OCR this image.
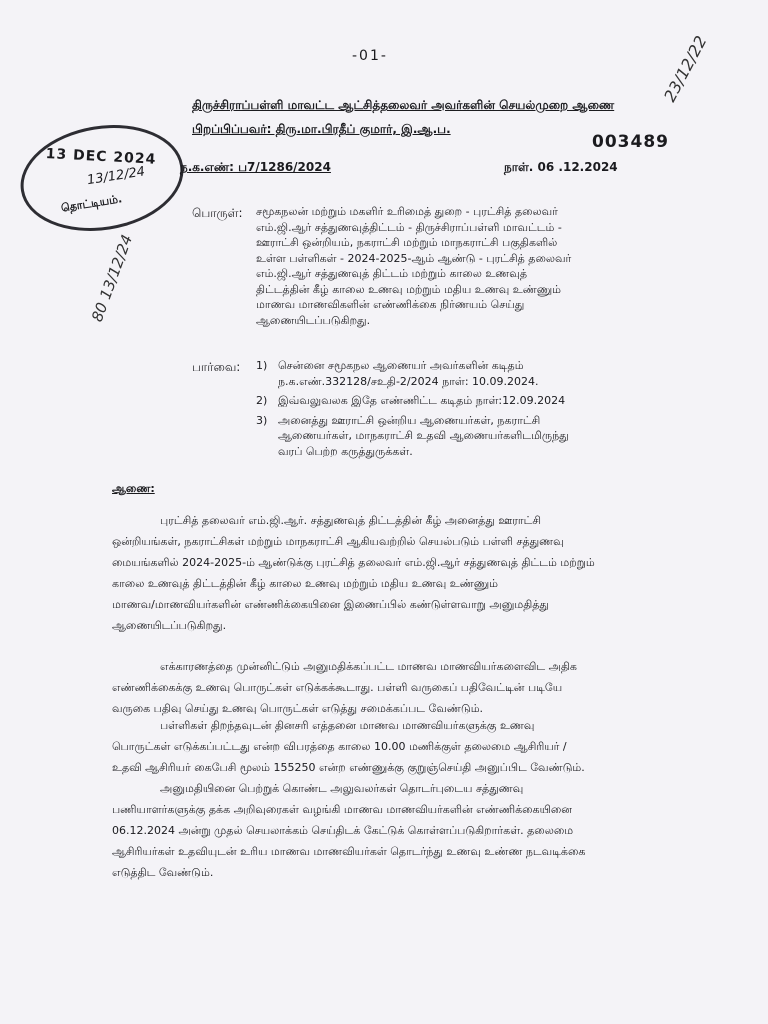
-01-
13 DEC 2024
13/12/24
தொட்டியம்.
திருச்சிராப்பள்ளி மாவட்ட ஆட்சித்தலைவர் அவர்களின் செயல்முறை ஆணை
பிறப்பிப்பவர்: திரு.மா.பிரதீப் குமார், இ.ஆ.ப.
003489
23/12/22
ந.க.எண்: ப7/1286/2024	நாள். 06 .12.2024
80 13/12/24
பொருள்: சமூகநலன் மற்றும் மகளிர் உரிமைத் துறை - புரட்சித் தலைவர்
எம்.ஜி.ஆர் சத்துணவுத்திட்டம் - திருச்சிராப்பள்ளி மாவட்டம் -
ஊராட்சி ஒன்றியம், நகராட்சி மற்றும் மாநகராட்சி பகுதிகளில்
உள்ள பள்ளிகள் - 2024-2025-ஆம் ஆண்டு - புரட்சித் தலைவர்
எம்.ஜி.ஆர் சத்துணவுத் திட்டம் மற்றும் காலை உணவுத்
திட்டத்தின் கீழ் காலை உணவு மற்றும் மதிய உணவு உண்ணும்
மாணவ மாணவிகளின் எண்ணிக்கை நிர்ணயம் செய்து
ஆணையிடப்படுகிறது.
பார்வை: 1) சென்னை சமூகநல ஆணையர் அவர்களின் கடிதம்
ந.க.எண்.332128/சஉதி-2/2024 நாள்: 10.09.2024.
2) இவ்வலுவலக இதே எண்ணிட்ட கடிதம் நாள்:12.09.2024
3) அனைத்து ஊராட்சி ஒன்றிய ஆணையர்கள், நகராட்சி
ஆணையர்கள், மாநகராட்சி உதவி ஆணையர்களிடமிருந்து
வரப் பெற்ற கருத்துருக்கள்.
ஆணை:
புரட்சித் தலைவர் எம்.ஜி.ஆர். சத்துணவுத் திட்டத்தின் கீழ் அனைத்து ஊராட்சி
ஒன்றியங்கள், நகராட்சிகள் மற்றும் மாநகராட்சி ஆகியவற்றில் செயல்படும் பள்ளி சத்துணவு
மையங்களில் 2024-2025-ம் ஆண்டுக்கு புரட்சித் தலைவர் எம்.ஜி.ஆர் சத்துணவுத் திட்டம் மற்றும்
காலை உணவுத் திட்டத்தின் கீழ் காலை உணவு மற்றும் மதிய உணவு உண்ணும்
மாணவ/மாணவியர்களின் எண்ணிக்கையினை இணைப்பில் கண்டுள்ளவாறு அனுமதித்து
ஆணையிடப்படுகிறது.
எக்காரணத்தை முன்னிட்டும் அனுமதிக்கப்பட்ட மாணவ மாணவியர்களைவிட அதிக
எண்ணிக்கைக்கு உணவு பொருட்கள் எடுக்கக்கூடாது. பள்ளி வருகைப் பதிவேட்டின் படியே
வருகை பதிவு செய்து உணவு பொருட்கள் எடுத்து சமைக்கப்பட வேண்டும்.
பள்ளிகள் திறந்தவுடன் தினசரி எத்தனை மாணவ மாணவியர்களுக்கு உணவு
பொருட்கள் எடுக்கப்பட்டது என்ற விபரத்தை காலை 10.00 மணிக்குள் தலைமை ஆசிரியர் /
உதவி ஆசிரியர் கைபேசி மூலம் 155250 என்ற எண்ணுக்கு குறுஞ்செய்தி அனுப்பிட வேண்டும்.
அனுமதியினை பெற்றுக் கொண்ட அலுவலர்கள் தொடர்புடைய சத்துணவு
பணியாளர்களுக்கு தக்க அறிவுரைகள் வழங்கி மாணவ மாணவியர்களின் எண்ணிக்கையினை
06.12.2024 அன்று முதல் செயலாக்கம் செய்திடக் கேட்டுக் கொள்ளப்படுகிறார்கள். தலைமை
ஆசிரியர்கள் உதவியுடன் உரிய மாணவ மாணவியர்கள் தொடர்ந்து உணவு உண்ண நடவடிக்கை
எடுத்திட வேண்டும்.
